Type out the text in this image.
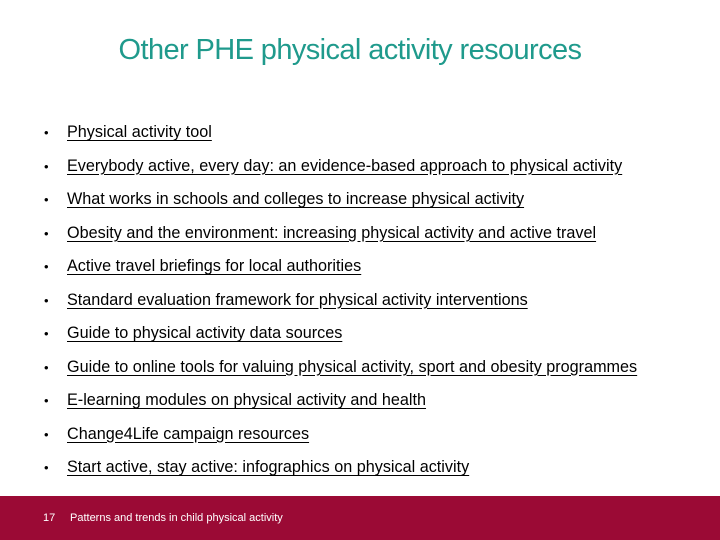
Other PHE physical activity resources
•	Physical activity tool
•	Everybody active, every day: an evidence-based approach to physical activity
•	What works in schools and colleges to increase physical activity
•	Obesity and the environment: increasing physical activity and active travel
•	Active travel briefings for local authorities
•	Standard evaluation framework for physical activity interventions
•	Guide to physical activity data sources
•	Guide to online tools for valuing physical activity, sport and obesity programmes
•	E-learning modules on physical activity and health
•	Change4Life campaign resources
•	Start active, stay active: infographics on physical activity
17	Patterns and trends in child physical activity
